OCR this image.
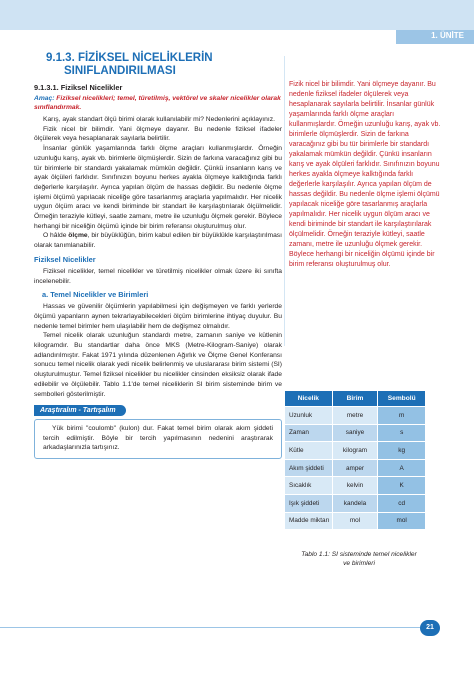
1. ÜNİTE
9.1.3. FİZİKSEL NİCELİKLERİN
SINIFLANDIRILMASI
9.1.3.1. Fiziksel Nicelikler
Amaç: Fiziksel nicelikleri; temel, türetilmiş, vektörel ve skaler nicelikler olarak sınıflandırmak.

Karış, ayak standart ölçü birimi olarak kullanılabilir mi? Nedenlerini açıklayınız.

Fizik nicel bir bilimdir. Yani ölçmeye dayanır. Bu nedenle fiziksel ifadeler ölçülerek veya hesaplanarak sayılarla belirtilir.

İnsanlar günlük yaşamlarında farklı ölçme araçları kullanmışlardır. Örneğin uzunluğu karış, ayak vb. birimlerle ölçmüşlerdir. Sizin de farkına varacağınız gibi bu tür birimlerle bir standardı yakalamak mümkün değildir. Çünkü insanların karış ve ayak ölçüleri farklıdır. Sınıfınızın boyunu herkes ayakla ölçmeye kalktığında farklı değerlerle karşılaşılır. Ayrıca yapılan ölçüm de hassas değildir. Bu nedenle ölçme işlemi ölçümü yapılacak niceliğe göre tasarlanmış araçlarla yapılmalıdır. Her nicelik uygun ölçüm aracı ve kendi biriminde bir standart ile karşılaştırılarak ölçülmelidir. Örneğin teraziyle kütleyi, saatle zamanı, metre ile uzunluğu ölçmek gerekir. Böylece herhangi bir niceliğin ölçümü içinde bir birim referansı oluşturulmuş olur.

O hâlde ölçme, bir büyüklüğün, birim kabul edilen bir büyüklükle karşılaştırılması olarak tanımlanabilir.

Fiziksel Nicelikler

Fiziksel nicelikler, temel nicelikler ve türetilmiş nicelikler olmak üzere iki sınıfta incelenebilir.

a. Temel Nicelikler ve Birimleri

Hassas ve güvenilir ölçümlerin yapılabilmesi için değişmeyen ve farklı yerlerde ölçümü yapanların aynen tekrarlayabilecekleri ölçüm birimlerine ihtiyaç duyulur. Bu nedenle temel birimler hem ulaşılabilir hem de değişmez olmalıdır.

Temel nicelik olarak uzunluğun standardı metre, zamanın saniye ve kütlenin kilogramdır. Bu standartlar daha önce MKS (Metre-Kilogram-Saniye) olarak adlandırılmıştır. Fakat 1971 yılında düzenlenen Ağırlık ve Ölçme Genel Konferansı sonucu temel nicelik olarak yedi nicelik belirlenmiş ve uluslararası birim sistemi (SI) oluşturulmuştur. Temel fiziksel nicelikler bu nicelikler cinsinden eksiksiz olarak ifade edilebilir ve ölçülebilir. Tablo 1.1'de temel niceliklerin SI birim sisteminde birim ve sembolleri gösterilmiştir.

Araştıralım - Tartışalım

Yük birimi "coulomb" (kulon) dur. Fakat temel birim olarak akım şiddeti tercih edilmiştir. Böyle bir tercih yapılmasının nedenini araştırarak arkadaşlarınızla tartışınız.

Fizik nicel bir bilimdir. Yani ölçmeye dayanır. Bu nedenle fiziksel ifadeler ölçülerek veya hesaplanarak sayılarla belirtilir. İnsanlar günlük yaşamlarında farklı ölçme araçları kullanmışlardır. Örneğin uzunluğu karış, ayak vb. birimlerle ölçmüşlerdir. Sizin de farkına varacağınız gibi bu tür birimlerle bir standardı yakalamak mümkün değildir. Çünkü insanların karış ve ayak ölçüleri farklıdır. Sınıfınızın boyunu herkes ayakla ölçmeye kalktığında farklı değerlerle karşılaşılır. Ayrıca yapılan ölçüm de hassas değildir. Bu nedenle ölçme işlemi ölçümü yapılacak niceliğe göre tasarlanmış araçlarla yapılmalıdır. Her nicelik uygun ölçüm aracı ve kendi biriminde bir standart ile karşılaştırılarak ölçülmelidir. Örneğin teraziyle kütleyi, saatle zamanı, metre ile uzunluğu ölçmek gerekir. Böylece herhangi bir niceliğin ölçümü içinde bir birim referansı oluşturulmuş olur.

Nicelik	Birim	Sembolü
Uzunluk	metre	m
Zaman	saniye	s
Kütle	kilogram	kg
Akım şiddeti	amper	A
Sıcaklık	kelvin	K
Işık şiddeti	kandela	cd
Madde miktarı	mol	mol
Tablo 1.1: SI sisteminde temel nicelikler
ve birimleri
21
